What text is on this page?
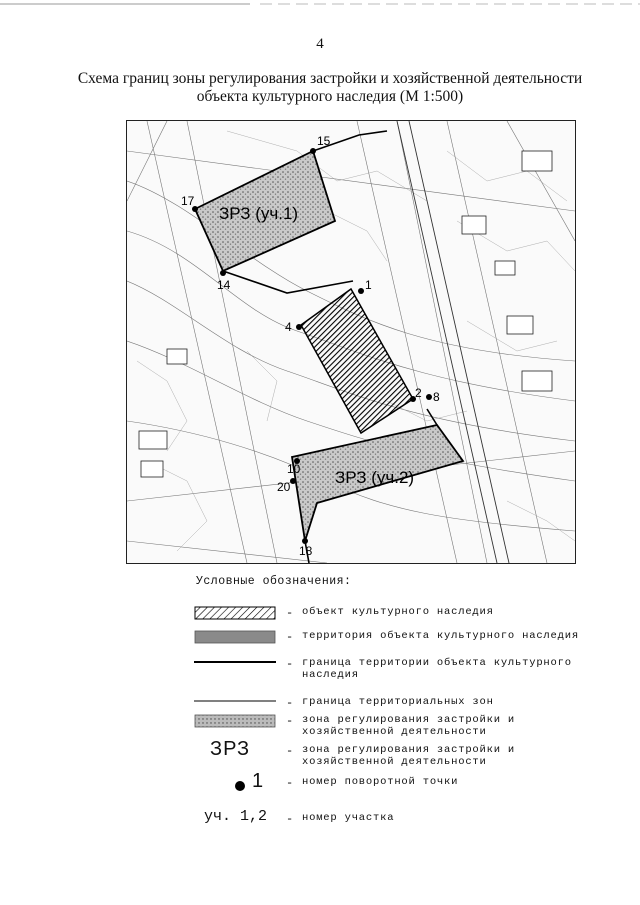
4
Схема границ зоны регулирования застройки и хозяйственной деятельности объекта культурного наследия (М 1:500)
1
2
4
8
10
14
15
17
18
20
ЗРЗ (уч.1)
ЗРЗ (уч.2)
Условные обозначения:
- объект культурного наследия
- территория объекта культурного наследия
- граница территории объекта культурного наследия
- граница территориальных зон
- зона регулирования застройки и хозяйственной деятельности
ЗРЗ	- зона регулирования застройки и хозяйственной деятельности
1	- номер поворотной точки
уч. 1,2	- номер участка
